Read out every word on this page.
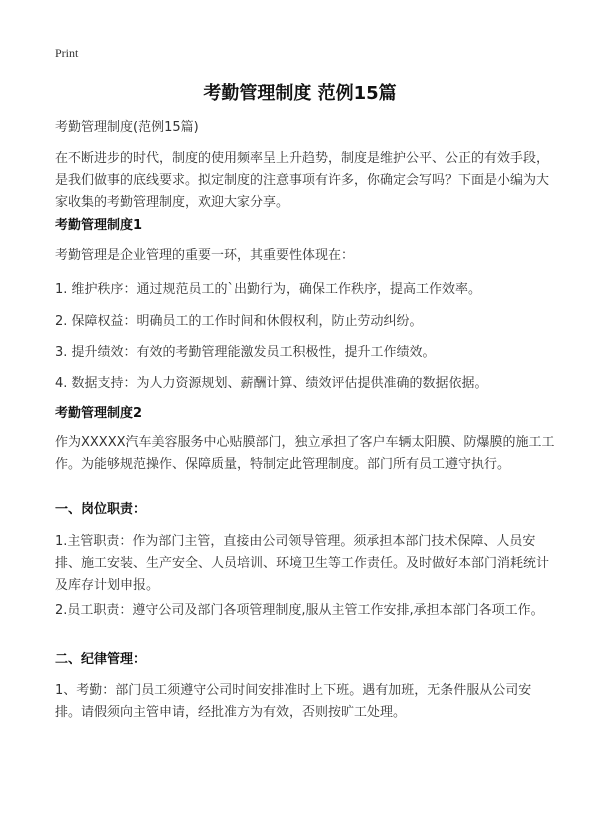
Print
考勤管理制度 范例15篇
考勤管理制度(范例15篇)
在不断进步的时代，制度的使用频率呈上升趋势，制度是维护公平、公正的有效手段，是我们做事的底线要求。拟定制度的注意事项有许多，你确定会写吗？下面是小编为大家收集的考勤管理制度，欢迎大家分享。
考勤管理制度1
考勤管理是企业管理的重要一环，其重要性体现在：
1. 维护秩序：通过规范员工的`出勤行为，确保工作秩序，提高工作效率。
2. 保障权益：明确员工的工作时间和休假权利，防止劳动纠纷。
3. 提升绩效：有效的考勤管理能激发员工积极性，提升工作绩效。
4. 数据支持：为人力资源规划、薪酬计算、绩效评估提供准确的数据依据。
考勤管理制度2
作为XXXXX汽车美容服务中心贴膜部门，独立承担了客户车辆太阳膜、防爆膜的施工工作。为能够规范操作、保障质量，特制定此管理制度。部门所有员工遵守执行。
一、岗位职责：
1.主管职责：作为部门主管，直接由公司领导管理。须承担本部门技术保障、人员安排、施工安装、生产安全、人员培训、环境卫生等工作责任。及时做好本部门消耗统计及库存计划申报。
2.员工职责：遵守公司及部门各项管理制度,服从主管工作安排,承担本部门各项工作。
二、纪律管理：
1、考勤：部门员工须遵守公司时间安排准时上下班。遇有加班，无条件服从公司安排。请假须向主管申请，经批准方为有效，否则按旷工处理。
